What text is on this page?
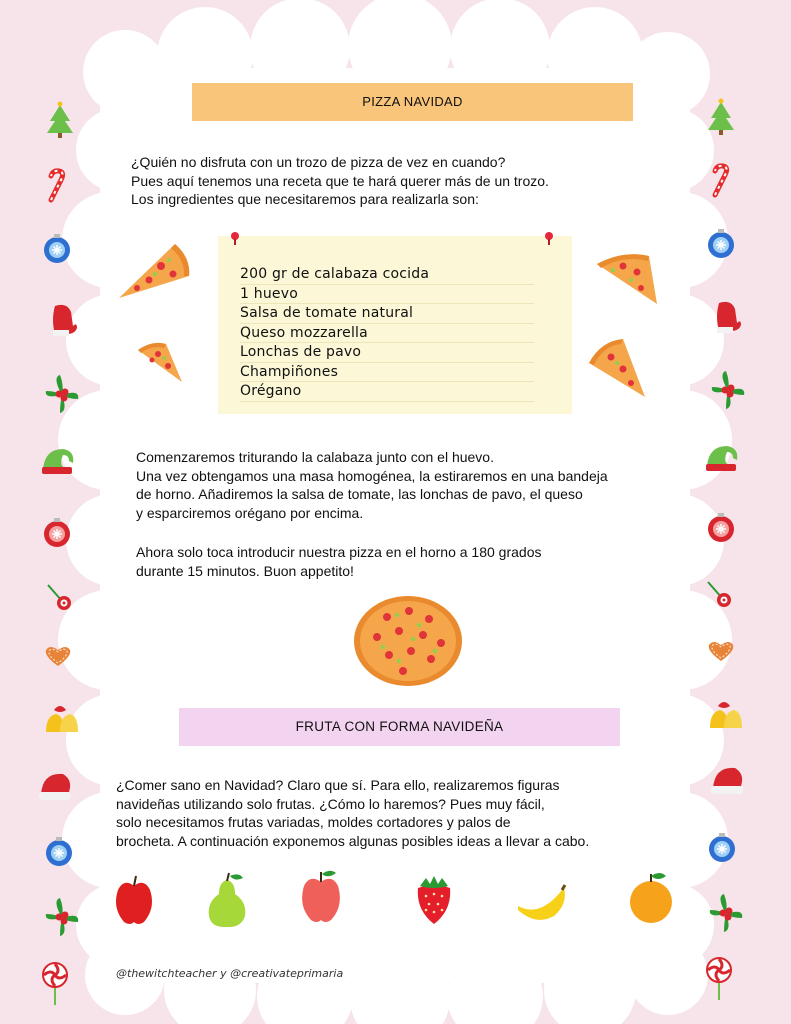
PIZZA NAVIDAD
¿Quién no disfruta con un trozo de pizza de vez en cuando?
Pues aquí tenemos una receta que te hará querer más de un trozo.
Los ingredientes que necesitaremos para realizarla son:
200 gr de calabaza cocida
1 huevo
Salsa de tomate natural
Queso mozzarella
Lonchas de pavo
Champiñones
Orégano
Comenzaremos triturando la calabaza junto con el huevo.
Una vez obtengamos una masa homogénea, la estiraremos en una bandeja
de horno. Añadiremos la salsa de tomate, las lonchas de pavo, el queso
y esparciremos orégano por encima.
Ahora solo toca introducir nuestra pizza en el horno a 180 grados
durante 15 minutos. Buon appetito!
FRUTA CON FORMA NAVIDEÑA
¿Comer sano en Navidad? Claro que sí. Para ello, realizaremos figuras
navideñas utilizando solo frutas. ¿Cómo lo haremos? Pues muy fácil,
solo necesitamos frutas variadas, moldes cortadores y palos de
brocheta. A continuación exponemos algunas posibles ideas a llevar a cabo.
@thewitchteacher y @creativateprimaria
